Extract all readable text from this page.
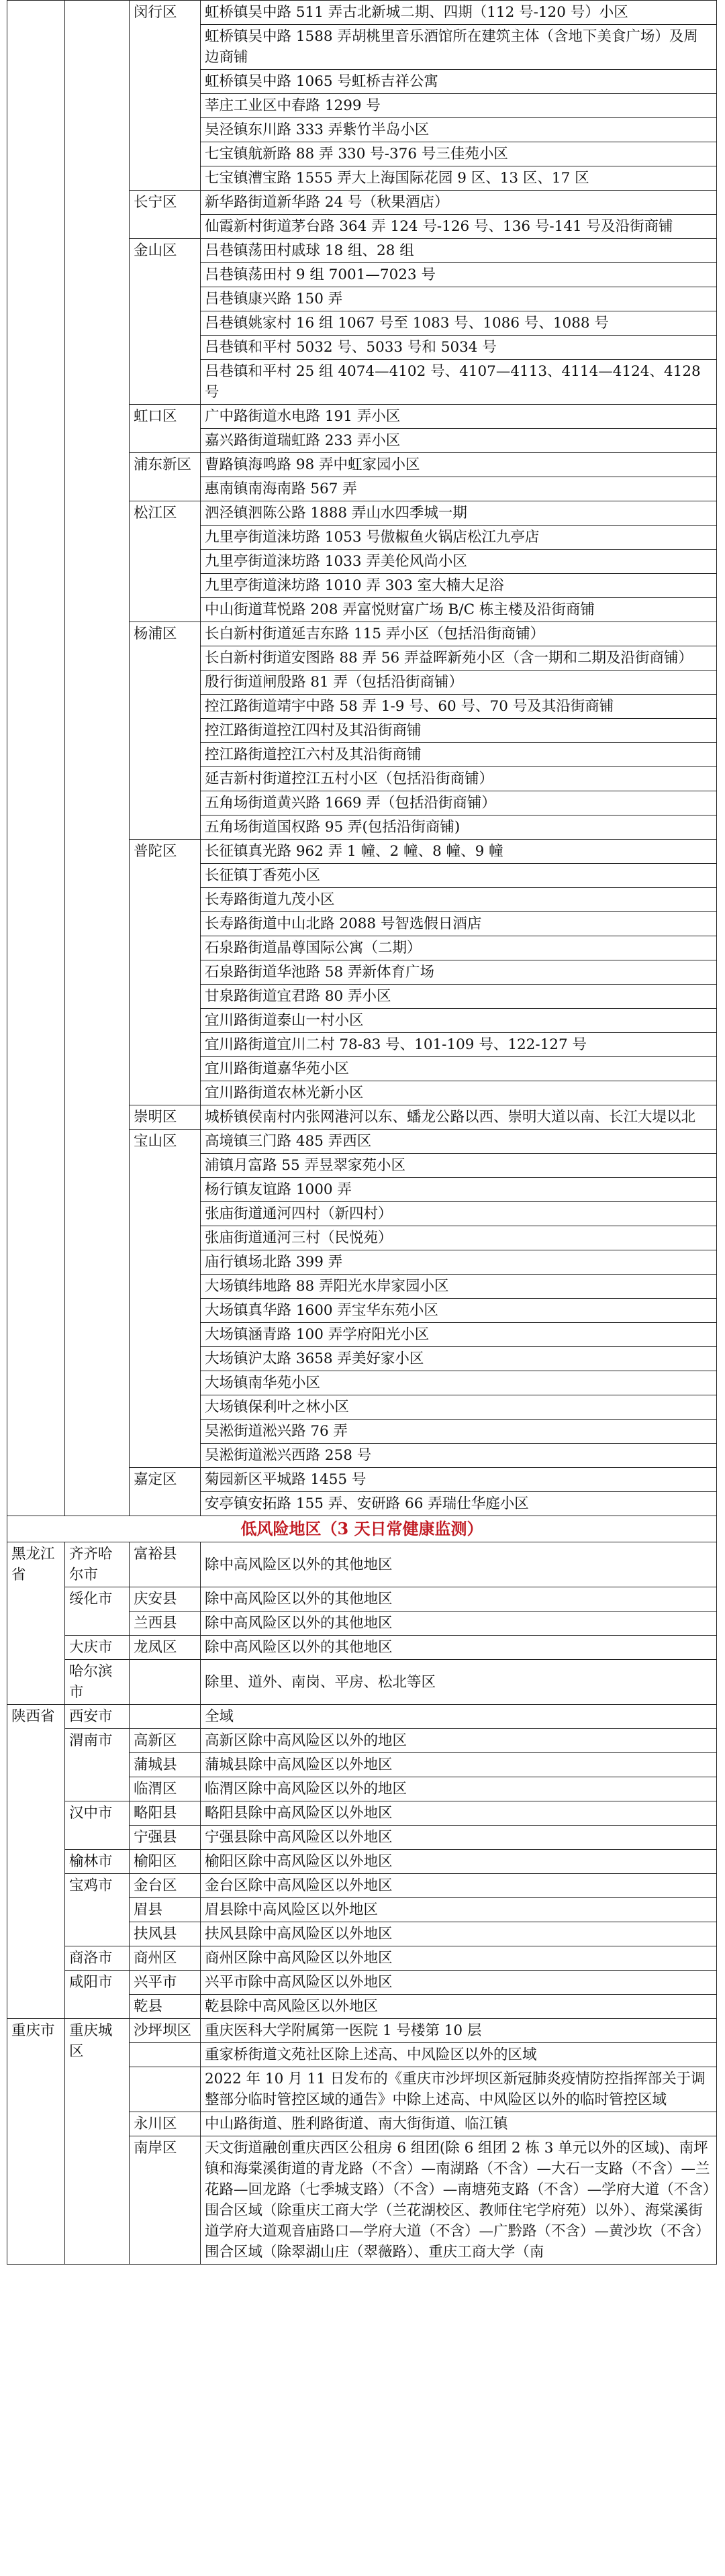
		闵行区	虹桥镇吴中路 511 弄古北新城二期、四期（112 号-120 号）小区
			虹桥镇吴中路 1588 弄胡桃里音乐酒馆所在建筑主体（含地下美食广场）及周边商铺
			虹桥镇吴中路 1065 号虹桥吉祥公寓
			莘庄工业区中春路 1299 号
			吴泾镇东川路 333 弄紫竹半岛小区
			七宝镇航新路 88 弄 330 号-376 号三佳苑小区
			七宝镇漕宝路 1555 弄大上海国际花园 9 区、13 区、17 区
		长宁区	新华路街道新华路 24 号（秋果酒店）
			仙霞新村街道茅台路 364 弄 124 号-126 号、136 号-141 号及沿街商铺
		金山区	吕巷镇荡田村戚球 18 组、28 组
			吕巷镇荡田村 9 组 7001—7023 号
			吕巷镇康兴路 150 弄
			吕巷镇姚家村 16 组 1067 号至 1083 号、1086 号、1088 号
			吕巷镇和平村 5032 号、5033 号和 5034 号
			吕巷镇和平村 25 组 4074—4102 号、4107—4113、4114—4124、4128 号
		虹口区	广中路街道水电路 191 弄小区
			嘉兴路街道瑞虹路 233 弄小区
		浦东新区	曹路镇海鸣路 98 弄中虹家园小区
			惠南镇南海南路 567 弄
		松江区	泗泾镇泗陈公路 1888 弄山水四季城一期
			九里亭街道涞坊路 1053 号傲椒鱼火锅店松江九亭店
			九里亭街道涞坊路 1033 弄美伦风尚小区
			九里亭街道涞坊路 1010 弄 303 室大楠大足浴
			中山街道茸悦路 208 弄富悦财富广场 B/C 栋主楼及沿街商铺
		杨浦区	长白新村街道延吉东路 115 弄小区（包括沿街商铺）
			长白新村街道安图路 88 弄 56 弄益晖新苑小区（含一期和二期及沿街商铺）
			殷行街道闸殷路 81 弄（包括沿街商铺）
			控江路街道靖宇中路 58 弄 1-9 号、60 号、70 号及其沿街商铺
			控江路街道控江四村及其沿街商铺
			控江路街道控江六村及其沿街商铺
			延吉新村街道控江五村小区（包括沿街商铺）
			五角场街道黄兴路 1669 弄（包括沿街商铺）
			五角场街道国权路 95 弄(包括沿街商铺)
		普陀区	长征镇真光路 962 弄 1 幢、2 幢、8 幢、9 幢
			长征镇丁香苑小区
			长寿路街道九茂小区
			长寿路街道中山北路 2088 号智选假日酒店
			石泉路街道晶尊国际公寓（二期）
			石泉路街道华池路 58 弄新体育广场
			甘泉路街道宜君路 80 弄小区
			宜川路街道泰山一村小区
			宜川路街道宜川二村 78-83 号、101-109 号、122-127 号
			宜川路街道嘉华苑小区
			宜川路街道农林光新小区
		崇明区	城桥镇侯南村内张网港河以东、蟠龙公路以西、崇明大道以南、长江大堤以北
		宝山区	高境镇三门路 485 弄西区
			浦镇月富路 55 弄昱翠家苑小区
			杨行镇友谊路 1000 弄
			张庙街道通河四村（新四村）
			张庙街道通河三村（民悦苑）
			庙行镇场北路 399 弄
			大场镇纬地路 88 弄阳光水岸家园小区
			大场镇真华路 1600 弄宝华东苑小区
			大场镇涵青路 100 弄学府阳光小区
			大场镇沪太路 3658 弄美好家小区
			大场镇南华苑小区
			大场镇保利叶之林小区
			吴淞街道淞兴路 76 弄
			吴淞街道淞兴西路 258 号
		嘉定区	菊园新区平城路 1455 号
			安亭镇安拓路 155 弄、安研路 66 弄瑞仕华庭小区
低风险地区（3 天日常健康监测）			
黑龙江省	齐齐哈尔市	富裕县	除中高风险区以外的其他地区
	绥化市	庆安县	除中高风险区以外的其他地区
		兰西县	除中高风险区以外的其他地区
	大庆市	龙凤区	除中高风险区以外的其他地区
	哈尔滨市		除里、道外、南岗、平房、松北等区
陕西省	西安市		全域
	渭南市	高新区	高新区除中高风险区以外的地区
		蒲城县	蒲城县除中高风险区以外地区
		临渭区	临渭区除中高风险区以外的地区
	汉中市	略阳县	略阳县除中高风险区以外地区
		宁强县	宁强县除中高风险区以外地区
	榆林市	榆阳区	榆阳区除中高风险区以外地区
	宝鸡市	金台区	金台区除中高风险区以外地区
		眉县	眉县除中高风险区以外地区
		扶风县	扶风县除中高风险区以外地区
	商洛市	商州区	商州区除中高风险区以外地区
	咸阳市	兴平市	兴平市除中高风险区以外地区
		乾县	乾县除中高风险区以外地区
重庆市	重庆城区	沙坪坝区	重庆医科大学附属第一医院 1 号楼第 10 层
			重家桥街道文苑社区除上述高、中风险区以外的区域
			2022 年 10 月 11 日发布的《重庆市沙坪坝区新冠肺炎疫情防控指挥部关于调整部分临时管控区域的通告》中除上述高、中风险区以外的临时管控区域
		永川区	中山路街道、胜利路街道、南大街街道、临江镇
		南岸区	天文街道融创重庆西区公租房 6 组团(除 6 组团 2 栋 3 单元以外的区域)、南坪镇和海棠溪街道的青龙路（不含）—南湖路（不含）—大石一支路（不含）—兰花路—回龙路（七季城支路）（不含）—南塘苑支路（不含）—学府大道（不含）围合区域（除重庆工商大学（兰花湖校区、教师住宅学府苑）以外）、海棠溪街道学府大道观音庙路口—学府大道（不含）—广黔路（不含）—黄沙坎（不含）围合区域（除翠湖山庄（翠薇路）、重庆工商大学（南
